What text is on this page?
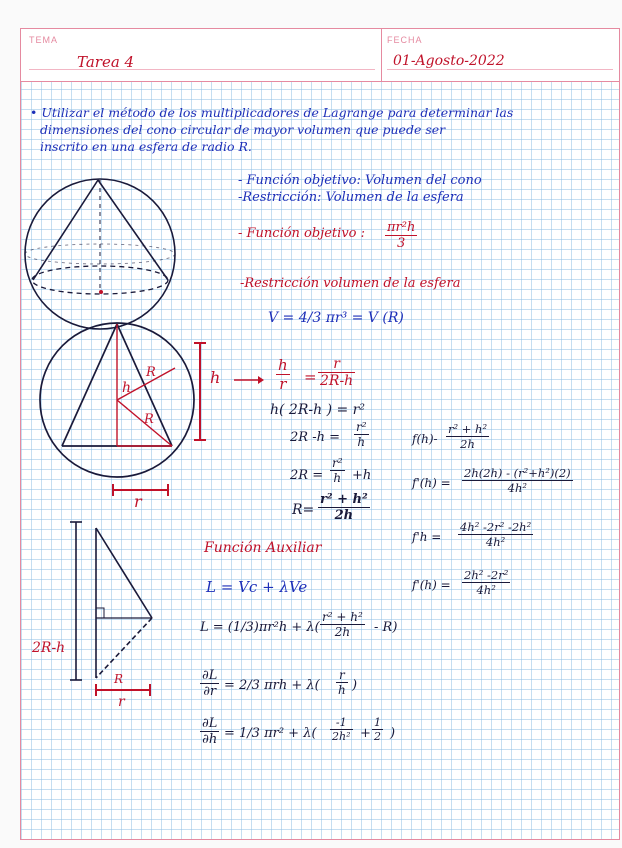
TEMA	FECHA
Tarea 4	01-Agosto-2022
• Utilizar el método de los multiplicadores de Lagrange para determinar las
dimensiones del cono circular de mayor volumen que puede ser
inscrito en una esfera de radio R.
- Función objetivo: Volumen del cono
-Restricción: Volumen de la esfera
- Función objetivo : $\frac{\text{πr²h}}{3}$
-Restricción volumen de la esfera
V = 4/3 πr³ = V (R)
h
R
R
r
h
2R-h
R
r
$\frac{h}{r} = \frac{r}{2R-h}$
h( 2R-h ) = r²
2R $-h = \frac{\text{r²}}{h}$
$2R = \frac{\text{r²}}{h} +h$
$R= \frac{\text{r² + h²}}{2h}$
$f(h)- \frac{\text{r² + h²}}{2h}$
$f'(h) = \frac{\text{2h(2h) - (r²+h²)(2)}}{\text{4h²}}$
$f'h = \frac{\text{4h² -2r² -2h²}}{\text{4h²}}$
$f'(h) = \frac{\text{2h² -2r²}}{\text{4h²}}$
Función Auxiliar
L = Vc + λVe
$L = (1/3)\pi r^2h + \lambda( \frac{\text{r² + h²}}{2h} - R)$
$\frac{\partial L}{\partial r} = 2/3$ $\pi rh + \lambda( \frac{r}{h}$ )
$\frac{\partial L}{\partial h} = 1/3$ $\pi r^2 + \lambda( \frac{-1}{\text{2h²}} + \frac{1}{2}$ )
